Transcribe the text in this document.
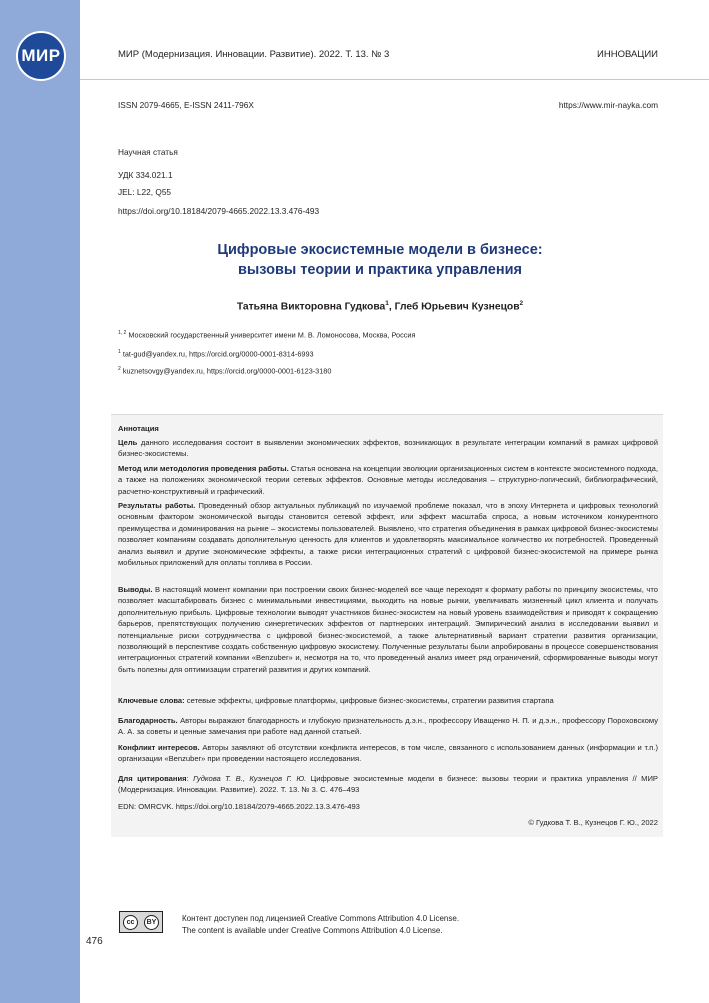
МИР	МИР (Модернизация. Инновации. Развитие). 2022. Т. 13. № 3	ИННОВАЦИИ
ISSN 2079-4665, E-ISSN 2411-796X	https://www.mir-nayka.com
Научная статья
УДК 334.021.1
JEL: L22, Q55
https://doi.org/10.18184/2079-4665.2022.13.3.476-493
Цифровые экосистемные модели в бизнесе:
вызовы теории и практика управления
Татьяна Викторовна Гудкова$^1$, Глеб Юрьевич Кузнецов$^2$
$^{1, 2}$ Московский государственный университет имени М. В. Ломоносова, Москва, Россия
$^1$ tat-gud@yandex.ru, https://orcid.org/0000-0001-8314-6993
$^2$ kuznetsovgy@yandex.ru, https://orcid.org/0000-0001-6123-3180
Аннотация
Цель данного исследования состоит в выявлении экономических эффектов, возникающих в результате интеграции компаний в рамках цифровой бизнес-экосистемы.
Метод или методология проведения работы. Статья основана на концепции эволюции организационных систем в контексте экосистемного подхода, а также на положениях экономической теории сетевых эффектов. Основные методы исследования – структурно-логический, библиографический, расчетно-конструктивный и графический.
Результаты работы. Проведенный обзор актуальных публикаций по изучаемой проблеме показал, что в эпоху Интернета и цифровых технологий основным фактором экономической выгоды становится сетевой эффект, или эффект масштаба спроса, а новым источником конкурентного преимущества и доминирования на рынке – экосистемы пользователей. Выявлено, что стратегия объединения в рамках цифровой бизнес-экосистемы позволяет компаниям создавать дополнительную ценность для клиентов и удовлетворять максимальное количество их потребностей. Проведенный анализ выявил и другие экономические эффекты, а также риски интеграционных стратегий с цифровой бизнес-экосистемой на примере рынка мобильных приложений для оплаты топлива в России.
Выводы. В настоящий момент компании при построении своих бизнес-моделей все чаще переходят к формату работы по принципу экосистемы, что позволяет масштабировать бизнес с минимальными инвестициями, выходить на новые рынки, увеличивать жизненный цикл клиента и получать дополнительную прибыль. Цифровые технологии выводят участников бизнес-экосистем на новый уровень взаимодействия и приводят к сокращению барьеров, препятствующих получению синергетических эффектов от партнерских интеграций. Эмпирический анализ в исследовании выявил и потенциальные риски сотрудничества с цифровой бизнес-экосистемой, а также альтернативный вариант стратегии развития организации, позволяющий в перспективе создать собственную цифровую экосистему. Полученные результаты были апробированы в процессе совершенствования интеграционных стратегий компании «Benzuber» и, несмотря на то, что проведенный анализ имеет ряд ограничений, сформированные выводы могут быть полезны для оптимизации стратегий развития и других компаний.
Ключевые слова: сетевые эффекты, цифровые платформы, цифровые бизнес-экосистемы, стратегии развития стартапа
Благодарность. Авторы выражают благодарность и глубокую признательность д.э.н., профессору Иващенко Н. П. и д.э.н., профессору Пороховскому А. А. за советы и ценные замечания при работе над данной статьей.
Конфликт интересов. Авторы заявляют об отсутствии конфликта интересов, в том числе, связанного с использованием данных (информации и т.п.) организации «Benzuber» при проведении настоящего исследования.
Для цитирования: Гудкова Т. В., Кузнецов Г. Ю. Цифровые экосистемные модели в бизнесе: вызовы теории и практика управления // МИР (Модернизация. Инновации. Развитие). 2022. Т. 13. № 3. С. 476–493
EDN: OMRCVK. https://doi.org/10.18184/2079-4665.2022.13.3.476-493
© Гудкова Т. В., Кузнецов Г. Ю., 2022
cc	BY	Контент доступен под лицензией Creative Commons Attribution 4.0 License.
The content is available under Creative Commons Attribution 4.0 License.
476
